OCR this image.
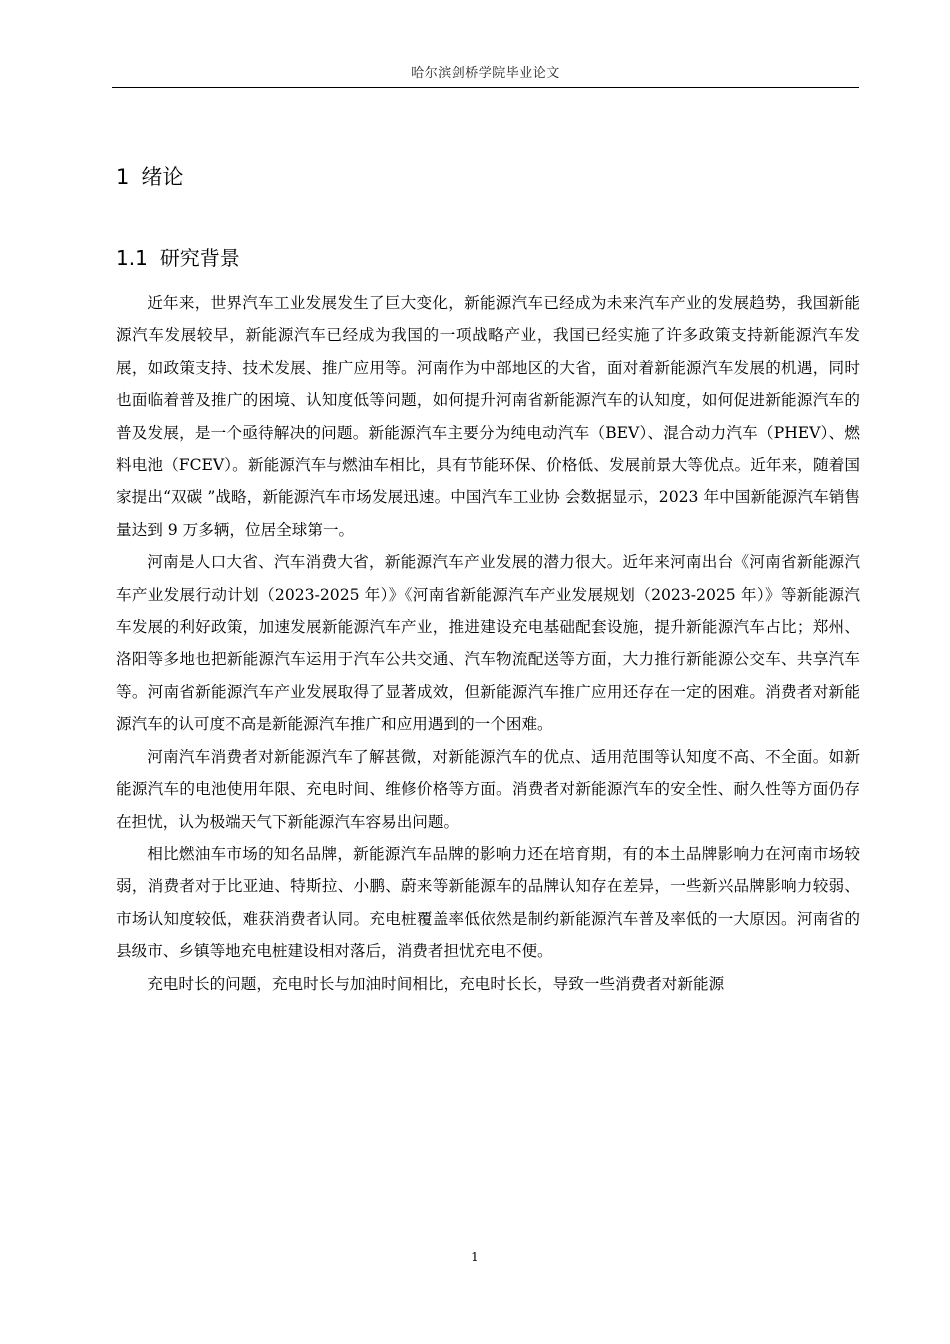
哈尔滨剑桥学院毕业论文
1 绪论
1.1 研究背景

近年来，世界汽车工业发展发生了巨大变化，新能源汽车已经成为未来汽车产业的发展趋势，我国新能源汽车发展较早，新能源汽车已经成为我国的一项战略产业，我国已经实施了许多政策支持新能源汽车发展，如政策支持、技术发展、推广应用等。河南作为中部地区的大省，面对着新能源汽车发展的机遇，同时也面临着普及推广的困境、认知度低等问题，如何提升河南省新能源汽车的认知度，如何促进新能源汽车的普及发展，是一个亟待解决的问题。新能源汽车主要分为纯电动汽车（BEV）、混合动力汽车（PHEV）、燃料电池（FCEV）。新能源汽车与燃油车相比，具有节能环保、价格低、发展前景大等优点。近年来，随着国家提出“双碳 ”战略，新能源汽车市场发展迅速。中国汽车工业协 会数据显示，2023 年中国新能源汽车销售量达到 9 万多辆，位居全球第一。

河南是人口大省、汽车消费大省，新能源汽车产业发展的潜力很大。近年来河南出台《河南省新能源汽车产业发展行动计划（2023-2025 年）》《河南省新能源汽车产业发展规划（2023-2025 年）》等新能源汽车发展的利好政策，加速发展新能源汽车产业，推进建设充电基础配套设施，提升新能源汽车占比；郑州、洛阳等多地也把新能源汽车运用于汽车公共交通、汽车物流配送等方面，大力推行新能源公交车、共享汽车等。河南省新能源汽车产业发展取得了显著成效，但新能源汽车推广应用还存在一定的困难。消费者对新能源汽车的认可度不高是新能源汽车推广和应用遇到的一个困难。

河南汽车消费者对新能源汽车了解甚微，对新能源汽车的优点、适用范围等认知度不高、不全面。如新能源汽车的电池使用年限、充电时间、维修价格等方面。消费者对新能源汽车的安全性、耐久性等方面仍存在担忧，认为极端天气下新能源汽车容易出问题。

相比燃油车市场的知名品牌，新能源汽车品牌的影响力还在培育期，有的本土品牌影响力在河南市场较弱，消费者对于比亚迪、特斯拉、小鹏、蔚来等新能源车的品牌认知存在差异，一些新兴品牌影响力较弱、市场认知度较低，难获消费者认同。充电桩覆盖率低依然是制约新能源汽车普及率低的一大原因。河南省的县级市、乡镇等地充电桩建设相对落后，消费者担忧充电不便。

充电时长的问题，充电时长与加油时间相比，充电时长长，导致一些消费者对新能源

1
